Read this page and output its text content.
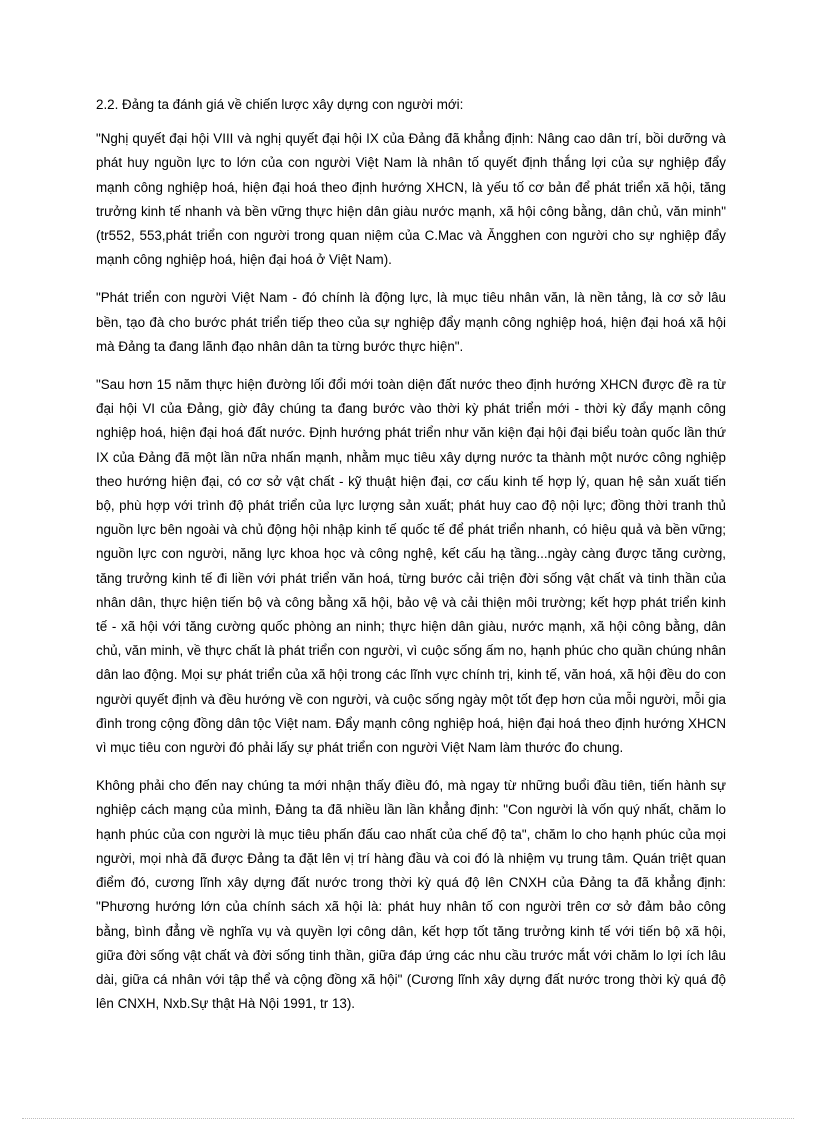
2.2. Đảng ta đánh giá về chiến lược xây dựng con người mới:

"Nghị quyết đại hội VIII và nghị quyết đại hội IX của Đảng đã khẳng định: Nâng cao dân trí, bồi dưỡng và phát huy nguồn lực to lớn của con người Việt Nam là nhân tố quyết định thắng lợi của sự nghiệp đẩy mạnh công nghiệp hoá, hiện đại hoá theo định hướng XHCN, là yếu tố cơ bản để phát triển xã hội, tăng trưởng kinh tế nhanh và bền vững thực hiện dân giàu nước mạnh, xã hội công bằng, dân chủ, văn minh" (tr552, 553,phát triển con người trong quan niệm của C.Mac và Ăngghen con người cho sự nghiệp đẩy mạnh công nghiệp hoá, hiện đại hoá ở Việt Nam).

"Phát triển con người Việt Nam - đó chính là động lực, là mục tiêu nhân văn, là nền tảng, là cơ sở lâu bền, tạo đà cho bước phát triển tiếp theo của sự nghiệp đẩy mạnh công nghiệp hoá, hiện đại hoá xã hội mà Đảng ta đang lãnh đạo nhân dân ta từng bước thực hiện".

"Sau hơn 15 năm thực hiện đường lối đổi mới toàn diện đất nước theo định hướng XHCN được đề ra từ đại hội VI của Đảng, giờ đây chúng ta đang bước vào thời kỳ phát triển mới - thời kỳ đẩy mạnh công nghiệp hoá, hiện đại hoá đất nước. Định hướng phát triển như văn kiện đại hội đại biểu toàn quốc lần thứ IX của Đảng đã một lần nữa nhấn mạnh, nhằm mục tiêu xây dựng nước ta thành một nước công nghiệp theo hướng hiện đại, có cơ sở vật chất - kỹ thuật hiện đại, cơ cấu kinh tế hợp lý, quan hệ sản xuất tiến bộ, phù hợp với trình độ phát triển của lực lượng sản xuất; phát huy cao độ nội lực; đồng thời tranh thủ nguồn lực bên ngoài và chủ động hội nhập kinh tế quốc tế để phát triển nhanh, có hiệu quả và bền vững; nguồn lực con người, năng lực khoa học và công nghệ, kết cấu hạ tầng...ngày càng được tăng cường, tăng trưởng kinh tế đi liền với phát triển văn hoá, từng bước cải triện đời sống vật chất và tinh thần của nhân dân, thực hiện tiến bộ và công bằng xã hội, bảo vệ và cải thiện môi trường; kết hợp phát triển kinh tế - xã hội với tăng cường quốc phòng an ninh; thực hiện dân giàu, nước mạnh, xã hội công bằng, dân chủ, văn minh, về thực chất là phát triển con người, vì cuộc sống ấm no, hạnh phúc cho quần chúng nhân dân lao động. Mọi sự phát triển của xã hội trong các lĩnh vực chính trị, kinh tế, văn hoá, xã hội đều do con người quyết định và đều hướng về con người, và cuộc sống ngày một tốt đẹp hơn của mỗi người, mỗi gia đình trong cộng đồng dân tộc Việt nam. Đẩy mạnh công nghiệp hoá, hiện đại hoá theo định hướng XHCN vì mục tiêu con người đó phải lấy sự phát triển con người Việt Nam làm thước đo chung.

Không phải cho đến nay chúng ta mới nhận thấy điều đó, mà ngay từ những buổi đầu tiên, tiến hành sự nghiệp cách mạng của mình, Đảng ta đã nhiều lần lần khẳng định: "Con người là vốn quý nhất, chăm lo hạnh phúc của con người là mục tiêu phấn đấu cao nhất của chế độ ta", chăm lo cho hạnh phúc của mọi người, mọi nhà đã được Đảng ta đặt lên vị trí hàng đầu và coi đó là nhiệm vụ trung tâm. Quán triệt quan điểm đó, cương lĩnh xây dựng đất nước trong thời kỳ quá độ lên CNXH của Đảng ta đã khẳng định: "Phương hướng lớn của chính sách xã hội là: phát huy nhân tố con người trên cơ sở đảm bảo công bằng, bình đẳng về nghĩa vụ và quyền lợi công dân, kết hợp tốt tăng trưởng kinh tế với tiến bộ xã hội, giữa đời sống vật chất và đời sống tinh thần, giữa đáp ứng các nhu cầu trước mắt với chăm lo lợi ích lâu dài, giữa cá nhân với tập thể và cộng đồng xã hội" (Cương lĩnh xây dựng đất nước trong thời kỳ quá độ lên CNXH, Nxb.Sự thật Hà Nội 1991, tr 13).
